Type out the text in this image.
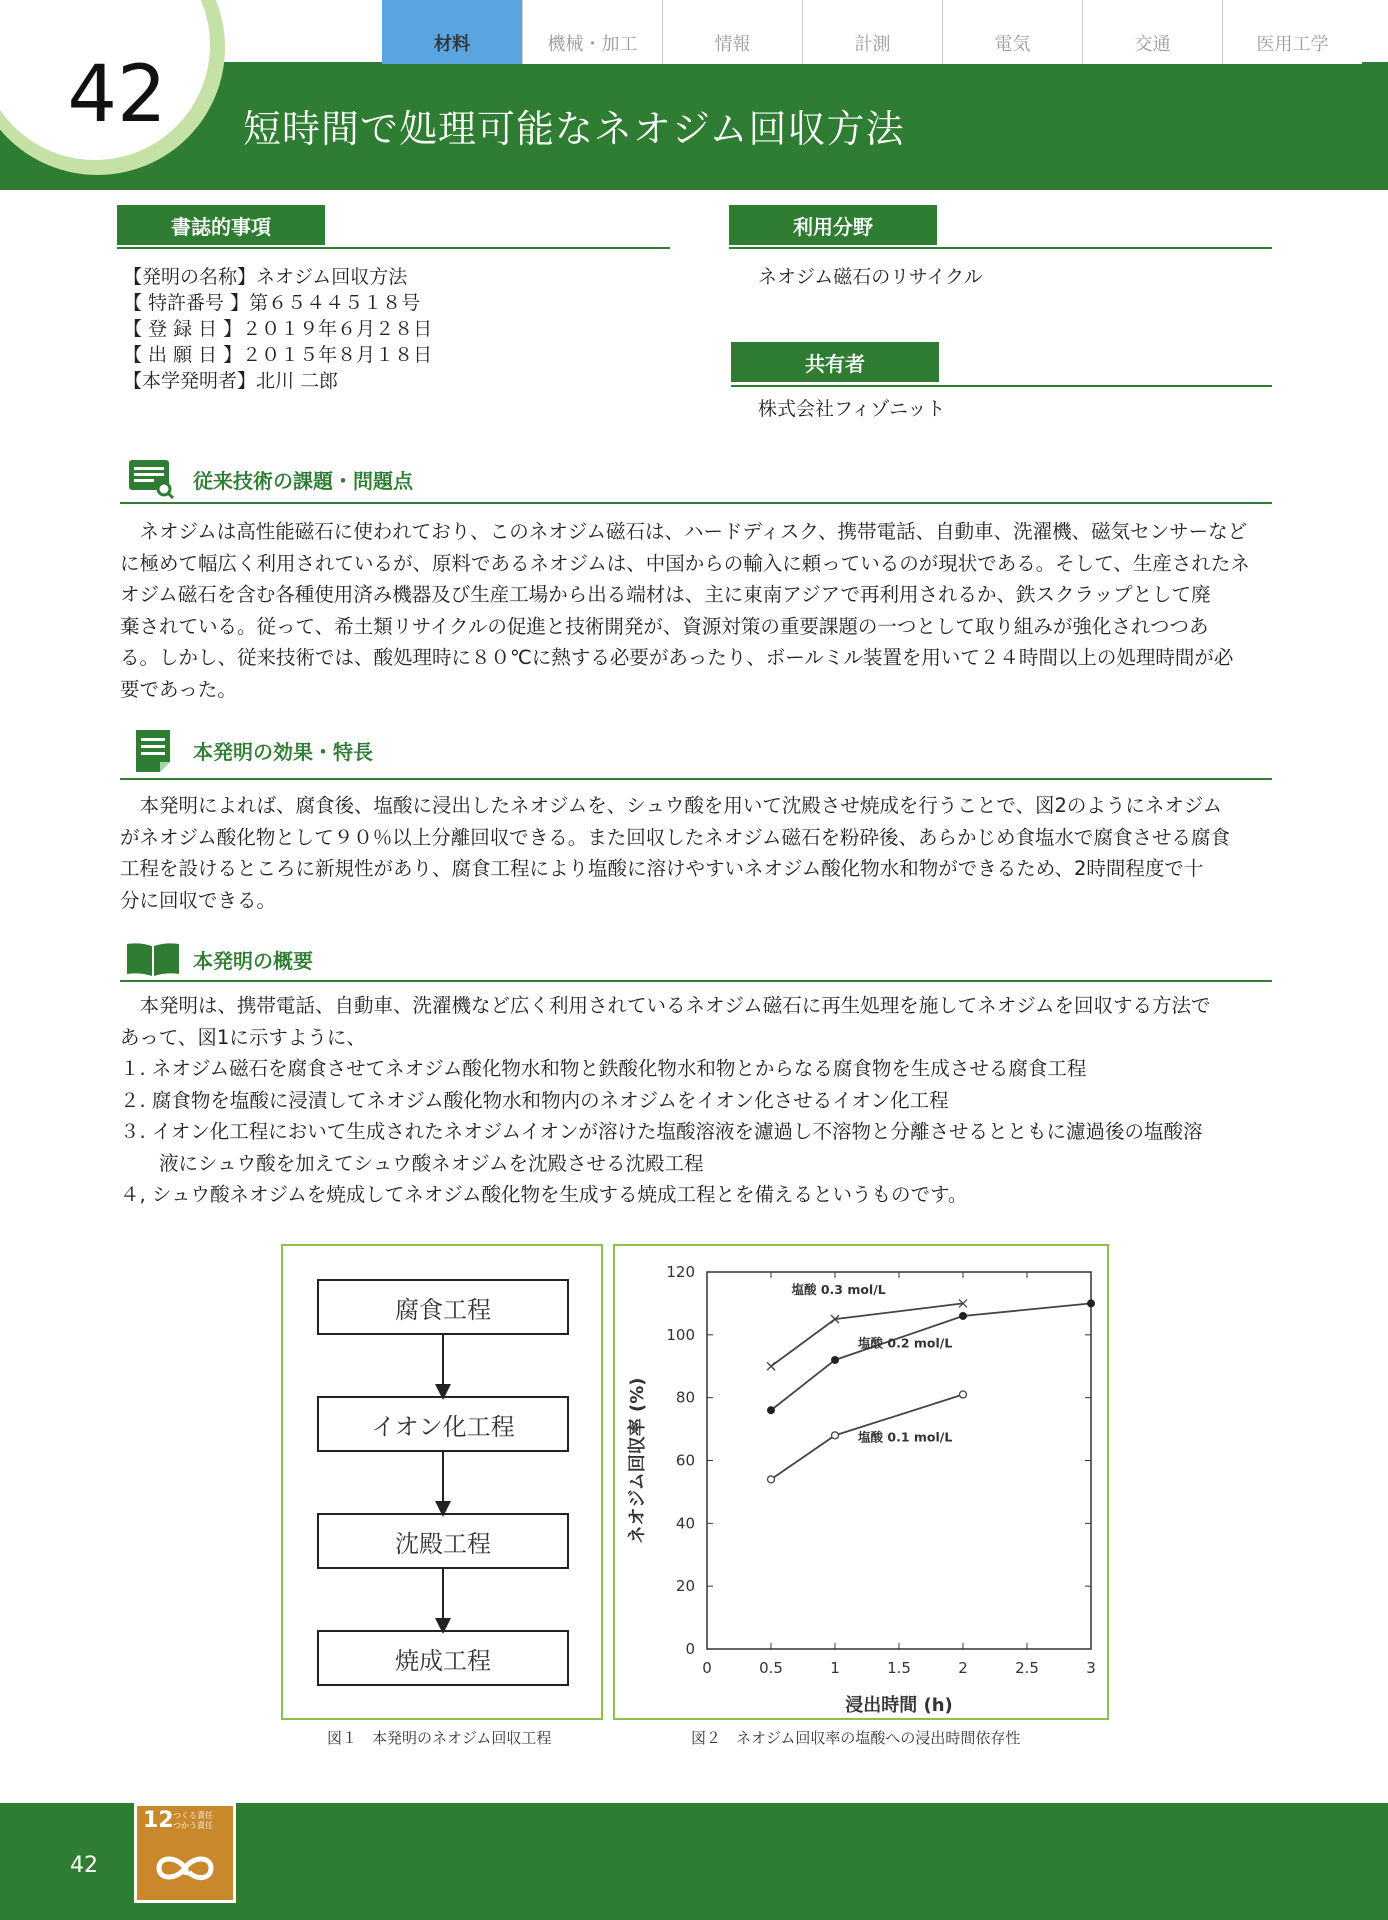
42 短時間で処理可能なネオジム回収方法
材料	機械・加工	情報	計測	電気	交通	医用工学
書誌的事項
【発明の名称】ネオジム回収方法
【 特許番号 】第６５４４５１８号
【 登 録 日 】２０１９年６月２８日
【 出 願 日 】２０１５年８月１８日
【本学発明者】北川 二郎
利用分野
ネオジム磁石のリサイクル
共有者
株式会社フィゾニット
従来技術の課題・問題点
　ネオジムは高性能磁石に使われており、このネオジム磁石は、ハードディスク、携帯電話、自動車、洗濯機、磁気センサーなど
に極めて幅広く利用されているが、原料であるネオジムは、中国からの輸入に頼っているのが現状である。そして、生産されたネ
オジム磁石を含む各種使用済み機器及び生産工場から出る端材は、主に東南アジアで再利用されるか、鉄スクラップとして廃
棄されている。従って、希土類リサイクルの促進と技術開発が、資源対策の重要課題の一つとして取り組みが強化されつつあ
る。しかし、従来技術では、酸処理時に８０℃に熱する必要があったり、ボールミル装置を用いて２４時間以上の処理時間が必
要であった。
本発明の効果・特長
　本発明によれば、腐食後、塩酸に浸出したネオジムを、シュウ酸を用いて沈殿させ焼成を行うことで、図2のようにネオジム
がネオジム酸化物として９０％以上分離回収できる。また回収したネオジム磁石を粉砕後、あらかじめ食塩水で腐食させる腐食
工程を設けるところに新規性があり、腐食工程により塩酸に溶けやすいネオジム酸化物水和物ができるため、2時間程度で十
分に回収できる。
本発明の概要
　本発明は、携帯電話、自動車、洗濯機など広く利用されているネオジム磁石に再生処理を施してネオジムを回収する方法で
あって、図1に示すように、
１. ネオジム磁石を腐食させてネオジム酸化物水和物と鉄酸化物水和物とからなる腐食物を生成させる腐食工程
２. 腐食物を塩酸に浸漬してネオジム酸化物水和物内のネオジムをイオン化させるイオン化工程
３. イオン化工程において生成されたネオジムイオンが溶けた塩酸溶液を濾過し不溶物と分離させるとともに濾過後の塩酸溶
　　液にシュウ酸を加えてシュウ酸ネオジムを沈殿させる沈殿工程
４, シュウ酸ネオジムを焼成してネオジム酸化物を生成する焼成工程とを備えるというものです。
腐食工程
イオン化工程
沈殿工程
焼成工程
図１　本発明のネオジム回収工程
0	0.5	1	1.5	2	2.5	3
0
20
40
60
80
100
120
浸出時間 (h)
ネオジム回収率 (%)
塩酸 0.3 mol/L
塩酸 0.2 mol/L
塩酸 0.1 mol/L
図２　ネオジム回収率の塩酸への浸出時間依存性
42
12 つくる責任
つかう責任
